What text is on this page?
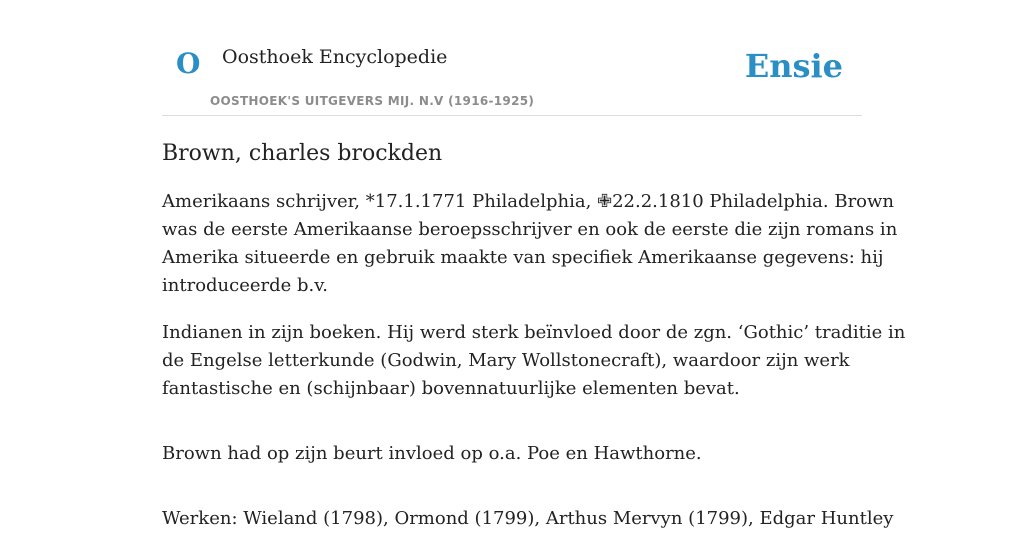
O Oosthoek Encyclopedie
OOSTHOEK'S UITGEVERS MIJ. N.V (1916-1925)
Ensie
Brown, charles brockden

Amerikaans schrijver, *17.1.1771 Philadelphia, ✙22.2.1810 Philadelphia. Brown
was de eerste Amerikaanse beroepsschrijver en ook de eerste die zijn romans in
Amerika situeerde en gebruik maakte van specifiek Amerikaanse gegevens: hij
introduceerde b.v.

Indianen in zijn boeken. Hij werd sterk beïnvloed door de zgn. ‘Gothic’ traditie in
de Engelse letterkunde (Godwin, Mary Wollstonecraft), waardoor zijn werk
fantastische en (schijnbaar) bovennatuurlijke elementen bevat.

Brown had op zijn beurt invloed op o.a. Poe en Hawthorne.

Werken: Wieland (1798), Ormond (1799), Arthus Mervyn (1799), Edgar Huntley
